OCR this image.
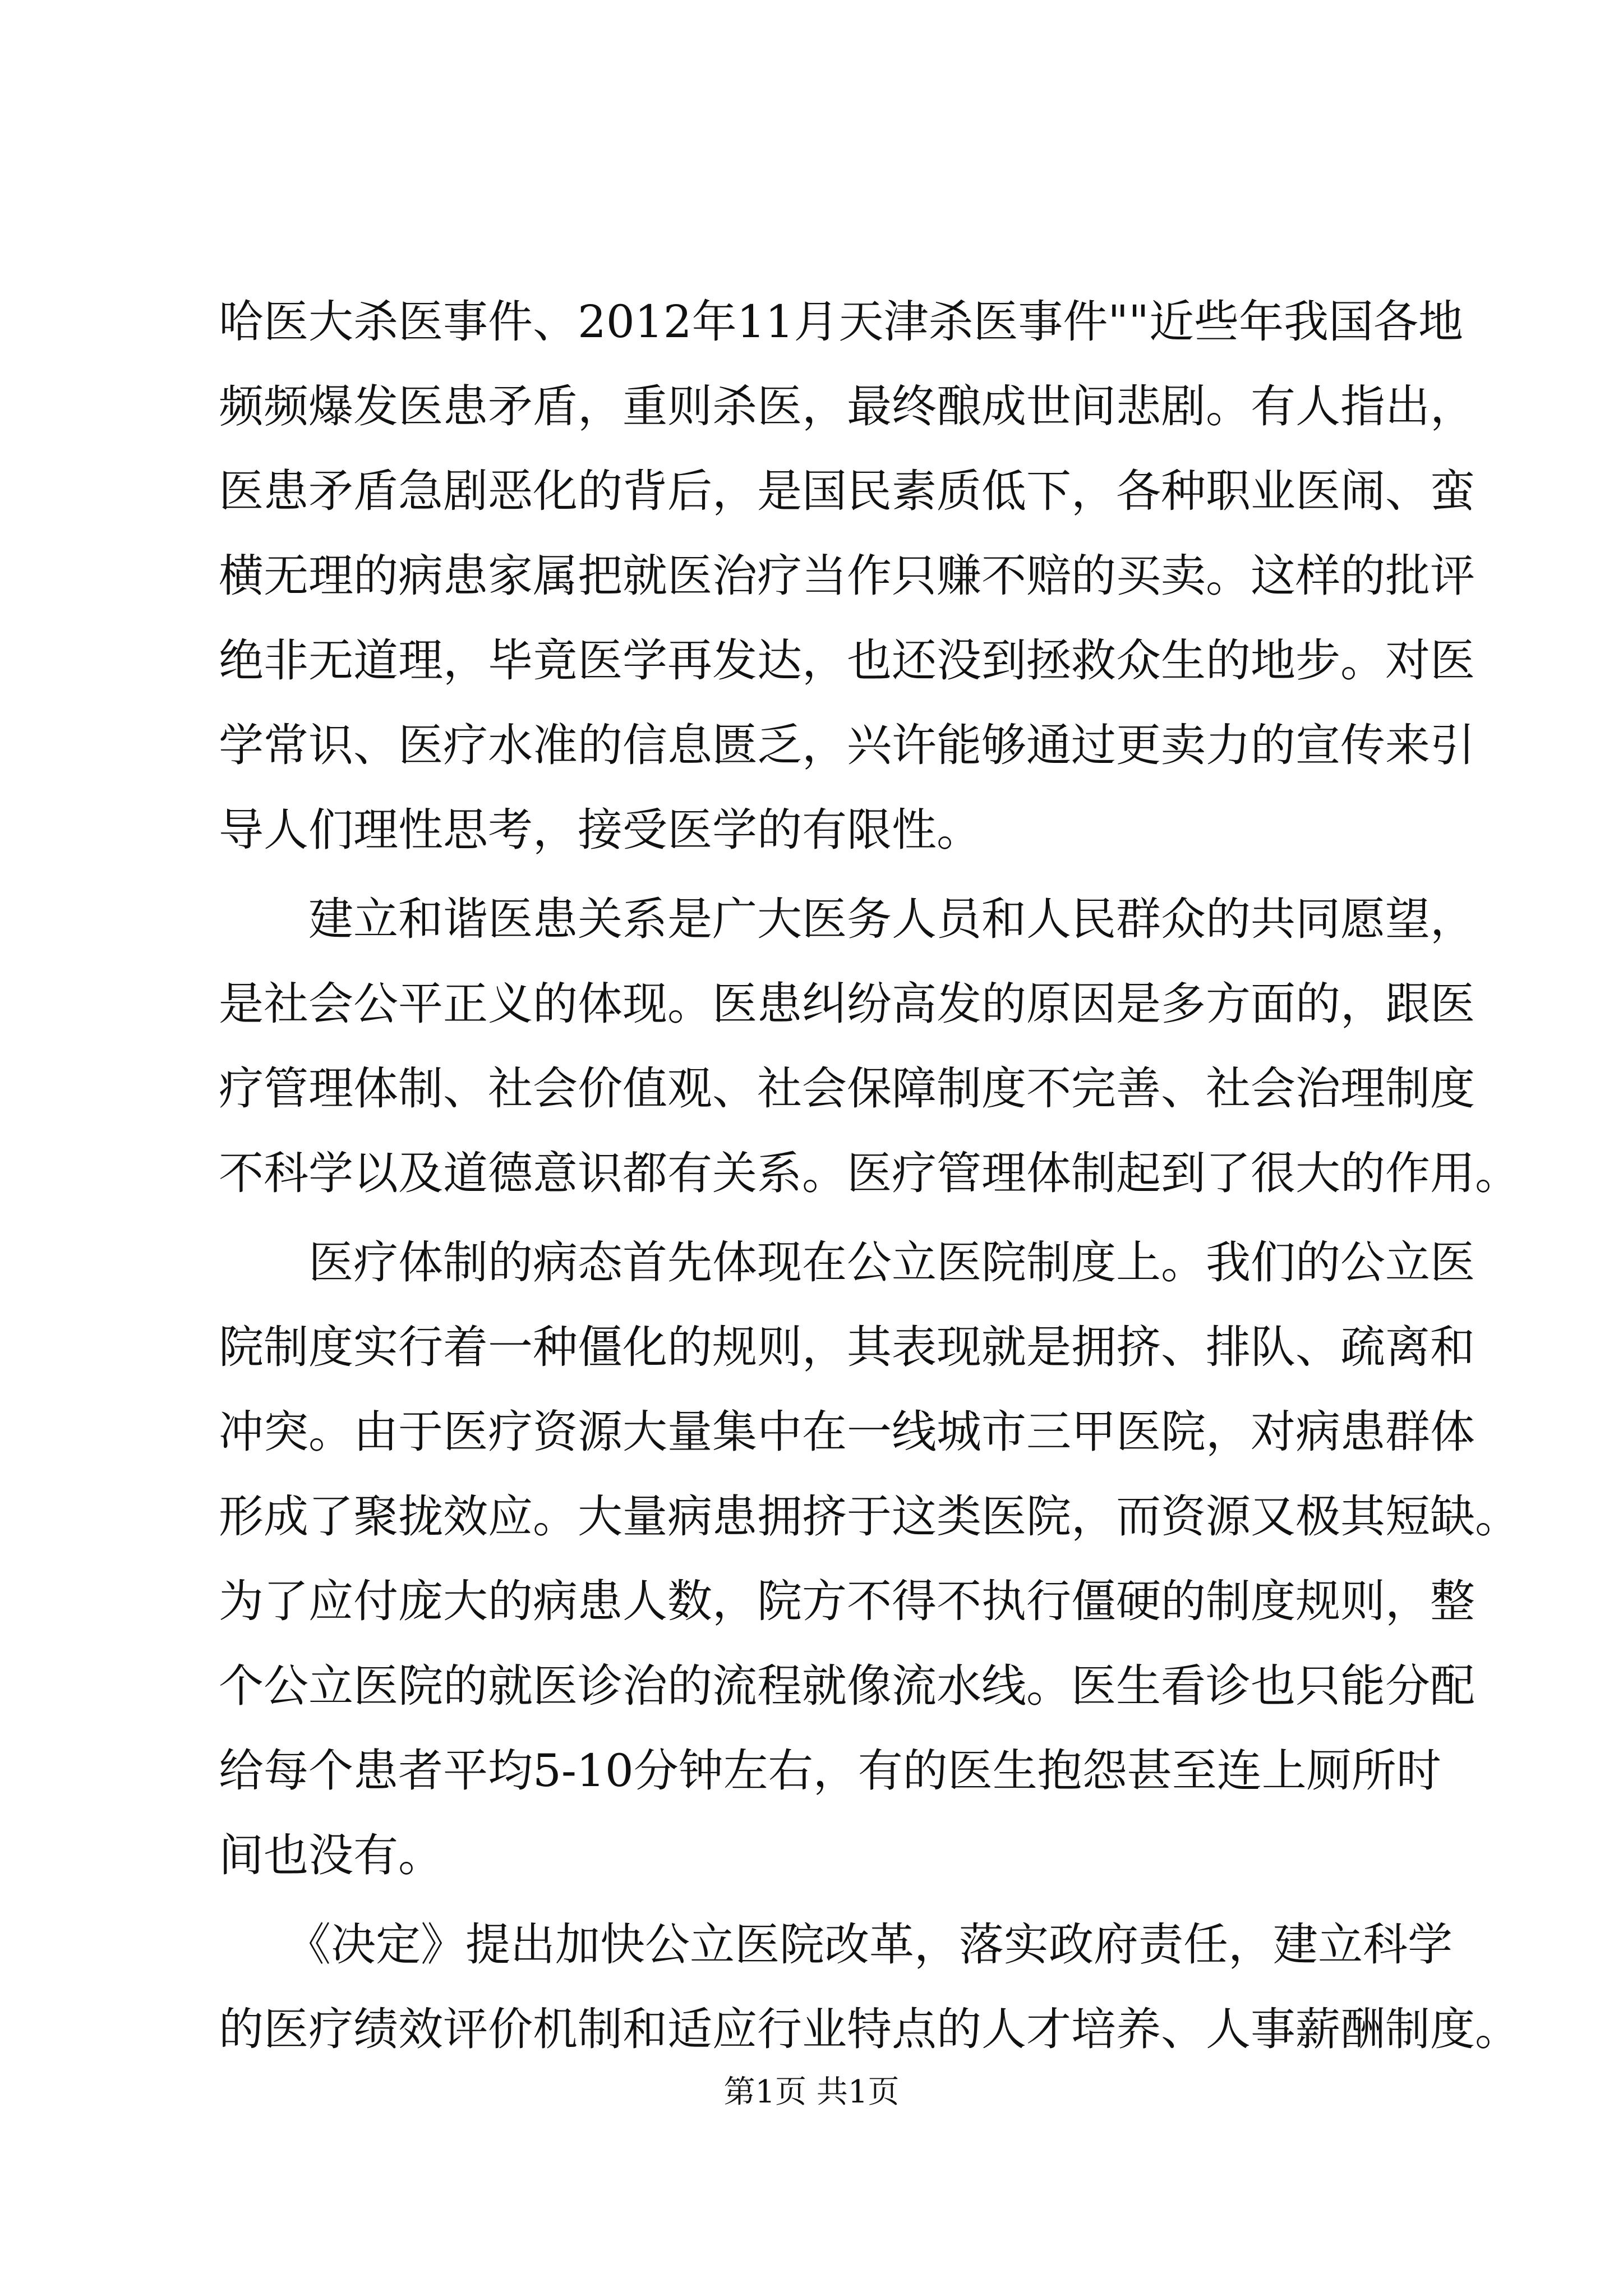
哈医大杀医事件、2012年11月天津杀医事件""近些年我国各地
频频爆发医患矛盾，重则杀医，最终酿成世间悲剧。有人指出，
医患矛盾急剧恶化的背后，是国民素质低下，各种职业医闹、蛮
横无理的病患家属把就医治疗当作只赚不赔的买卖。这样的批评
绝非无道理，毕竟医学再发达，也还没到拯救众生的地步。对医
学常识、医疗水准的信息匮乏，兴许能够通过更卖力的宣传来引
导人们理性思考，接受医学的有限性。
　　建立和谐医患关系是广大医务人员和人民群众的共同愿望，
是社会公平正义的体现。医患纠纷高发的原因是多方面的，跟医
疗管理体制、社会价值观、社会保障制度不完善、社会治理制度
不科学以及道德意识都有关系。医疗管理体制起到了很大的作用。
　　医疗体制的病态首先体现在公立医院制度上。我们的公立医
院制度实行着一种僵化的规则，其表现就是拥挤、排队、疏离和
冲突。由于医疗资源大量集中在一线城市三甲医院，对病患群体
形成了聚拢效应。大量病患拥挤于这类医院，而资源又极其短缺。
为了应付庞大的病患人数，院方不得不执行僵硬的制度规则，整
个公立医院的就医诊治的流程就像流水线。医生看诊也只能分配
给每个患者平均5-10分钟左右，有的医生抱怨甚至连上厕所时
间也没有。
　　《决定》提出加快公立医院改革，落实政府责任，建立科学
的医疗绩效评价机制和适应行业特点的人才培养、人事薪酬制度。
第1页 共1页
